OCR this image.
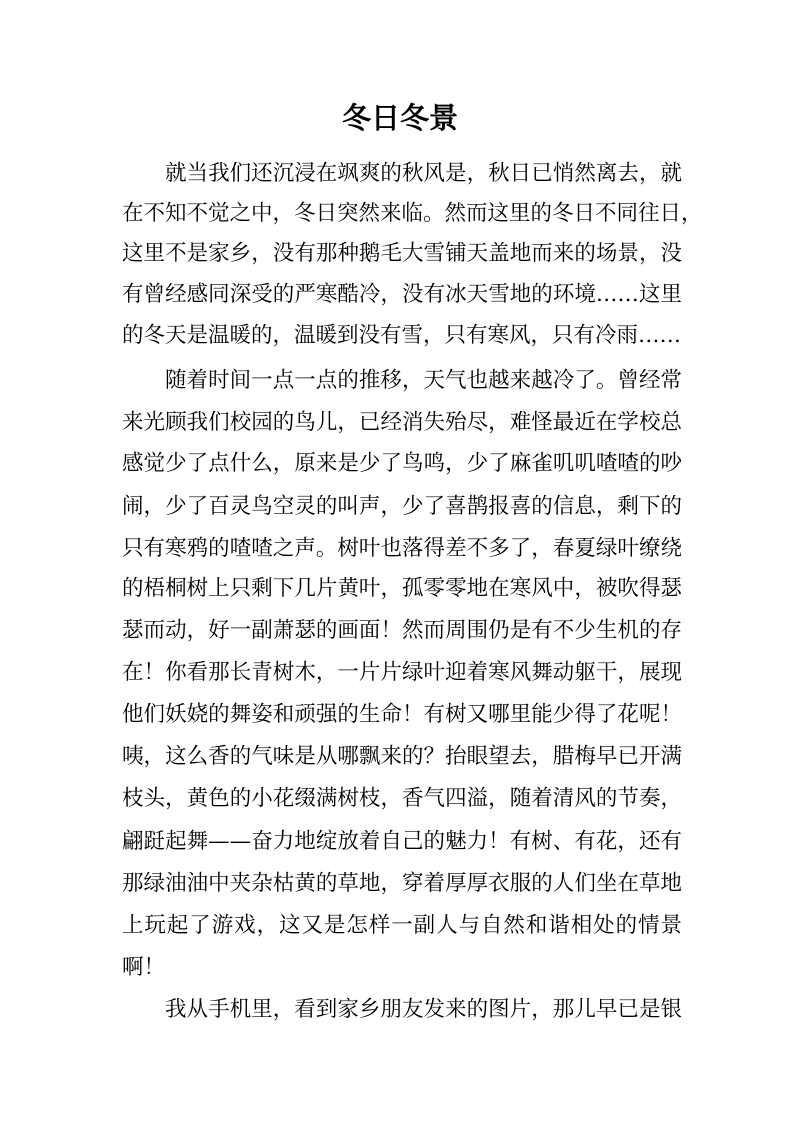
冬日冬景
就当我们还沉浸在飒爽的秋风是，秋日已悄然离去，就
在不知不觉之中，冬日突然来临。然而这里的冬日不同往日，
这里不是家乡，没有那种鹅毛大雪铺天盖地而来的场景，没
有曾经感同深受的严寒酷冷，没有冰天雪地的环境……这里
的冬天是温暖的，温暖到没有雪，只有寒风，只有冷雨……
随着时间一点一点的推移，天气也越来越冷了。曾经常
来光顾我们校园的鸟儿，已经消失殆尽，难怪最近在学校总
感觉少了点什么，原来是少了鸟鸣，少了麻雀叽叽喳喳的吵
闹，少了百灵鸟空灵的叫声，少了喜鹊报喜的信息，剩下的
只有寒鸦的喳喳之声。树叶也落得差不多了，春夏绿叶缭绕
的梧桐树上只剩下几片黄叶，孤零零地在寒风中，被吹得瑟
瑟而动，好一副萧瑟的画面！然而周围仍是有不少生机的存
在！你看那长青树木，一片片绿叶迎着寒风舞动躯干，展现
他们妖娆的舞姿和顽强的生命！有树又哪里能少得了花呢！
咦，这么香的气味是从哪飘来的？抬眼望去，腊梅早已开满
枝头，黄色的小花缀满树枝，香气四溢，随着清风的节奏，
翩跹起舞——奋力地绽放着自己的魅力！有树、有花，还有
那绿油油中夹杂枯黄的草地，穿着厚厚衣服的人们坐在草地
上玩起了游戏，这又是怎样一副人与自然和谐相处的情景
啊！
我从手机里，看到家乡朋友发来的图片，那儿早已是银
